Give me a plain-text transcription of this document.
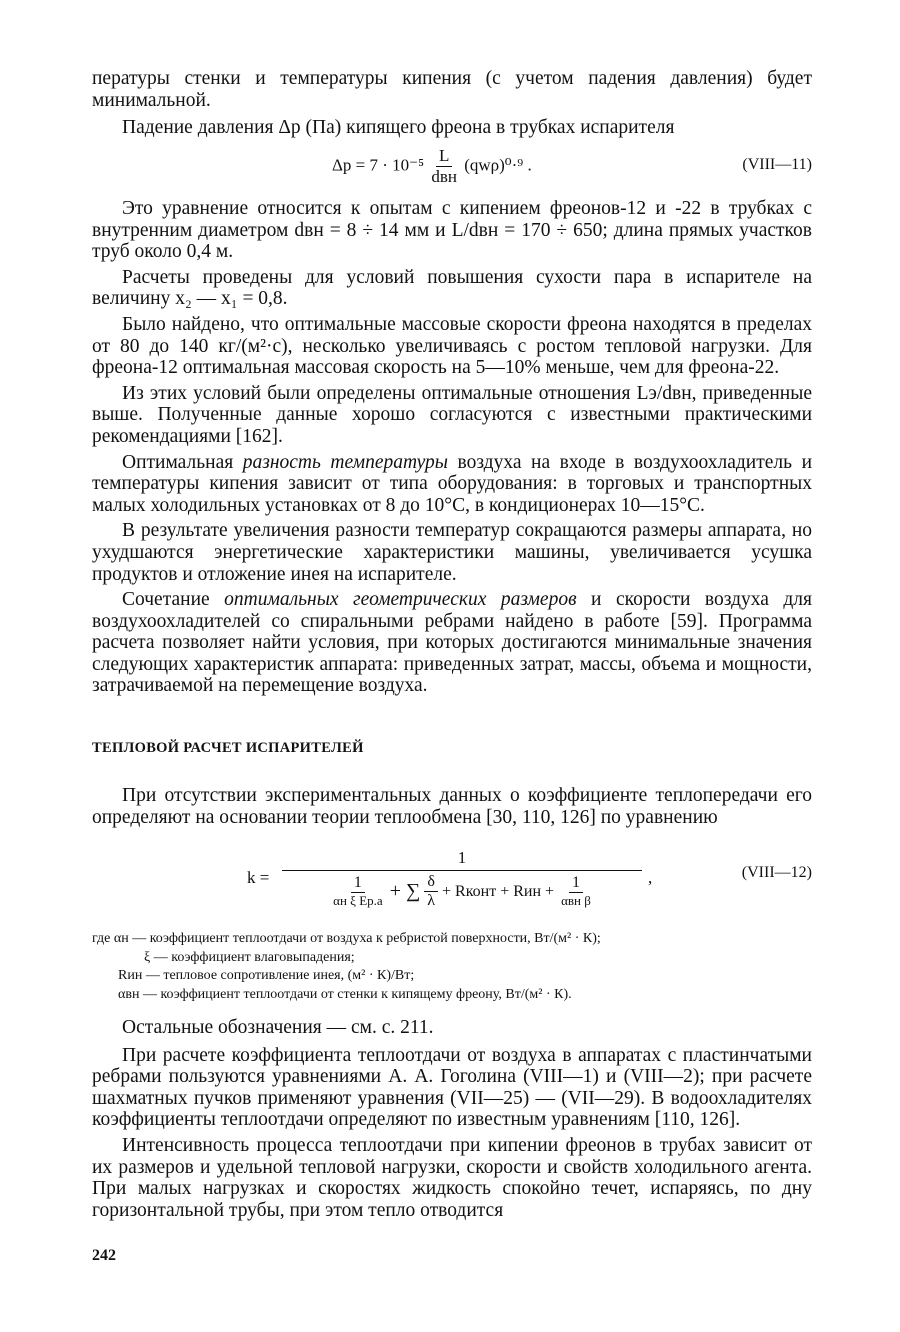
пературы стенки и температуры кипения (с учетом падения давления) будет минимальной.

Падение давления Δp (Па) кипящего фреона в трубках испарителя

$\Delta p = 7 \cdot 10^{-5} \frac{L}{\text{dвн}} (qw\rho)^0\cdot^9$ .	(VIII—11)

Это уравнение относится к опытам с кипением фреонов-12 и -22 в трубках с внутренним диаметром dвн = 8 ÷ 14 мм и L/dвн = 170 ÷ 650; длина прямых участков труб около 0,4 м.

Расчеты проведены для условий повышения сухости пара в испарителе на величину x₂ — x₁ = 0,8.

Было найдено, что оптимальные массовые скорости фреона находятся в пределах от 80 до 140 кг/(м²·с), несколько увеличиваясь с ростом тепловой нагрузки. Для фреона-12 оптимальная массовая скорость на 5—10% меньше, чем для фреона-22.

Из этих условий были определены оптимальные отношения Lэ/dвн, приведенные выше. Полученные данные хорошо согласуются с известными практическими рекомендациями [162].

Оптимальная разность температуры воздуха на входе в воздухоохладитель и температуры кипения зависит от типа оборудования: в торговых и транспортных малых холодильных установках от 8 до 10°С, в кондиционерах 10—15°С.

В результате увеличения разности температур сокращаются размеры аппарата, но ухудшаются энергетические характеристики машины, увеличивается усушка продуктов и отложение инея на испарителе.

Сочетание оптимальных геометрических размеров и скорости воздуха для воздухоохладителей со спиральными ребрами найдено в работе [59]. Программа расчета позволяет найти условия, при которых достигаются минимальные значения следующих характеристик аппарата: приведенных затрат, массы, объема и мощности, затрачиваемой на перемещение воздуха.

ТЕПЛОВОЙ РАСЧЕТ ИСПАРИТЕЛЕЙ

При отсутствии экспериментальных данных о коэффициенте теплопередачи его определяют на основании теории теплообмена [30, 110, 126] по уравнению

k =
1
$\frac{1}{\text{αн ξ Eр.а}}$ + ∑ $\frac{\delta}{\lambda}$ + Rконт + Rин + $\frac{1}{\text{αвн β}}$	,	(VIII—12)
где αн — коэффициент теплоотдачи от воздуха к ребристой поверхности, Вт/(м² · К);
ξ — коэффициент влаговыпадения;
Rин — тепловое сопротивление инея, (м² · К)/Вт;
αвн — коэффициент теплоотдачи от стенки к кипящему фреону, Вт/(м² · К).

Остальные обозначения — см. с. 211.

При расчете коэффициента теплоотдачи от воздуха в аппаратах с пластинчатыми ребрами пользуются уравнениями А. А. Гоголина (VIII—1) и (VIII—2); при расчете шахматных пучков применяют уравнения (VII—25) — (VII—29). В водоохладителях коэффициенты теплоотдачи определяют по известным уравнениям [110, 126].

Интенсивность процесса теплоотдачи при кипении фреонов в трубах зависит от их размеров и удельной тепловой нагрузки, скорости и свойств холодильного агента. При малых нагрузках и скоростях жидкость спокойно течет, испаряясь, по дну горизонтальной трубы, при этом тепло отводится

242
